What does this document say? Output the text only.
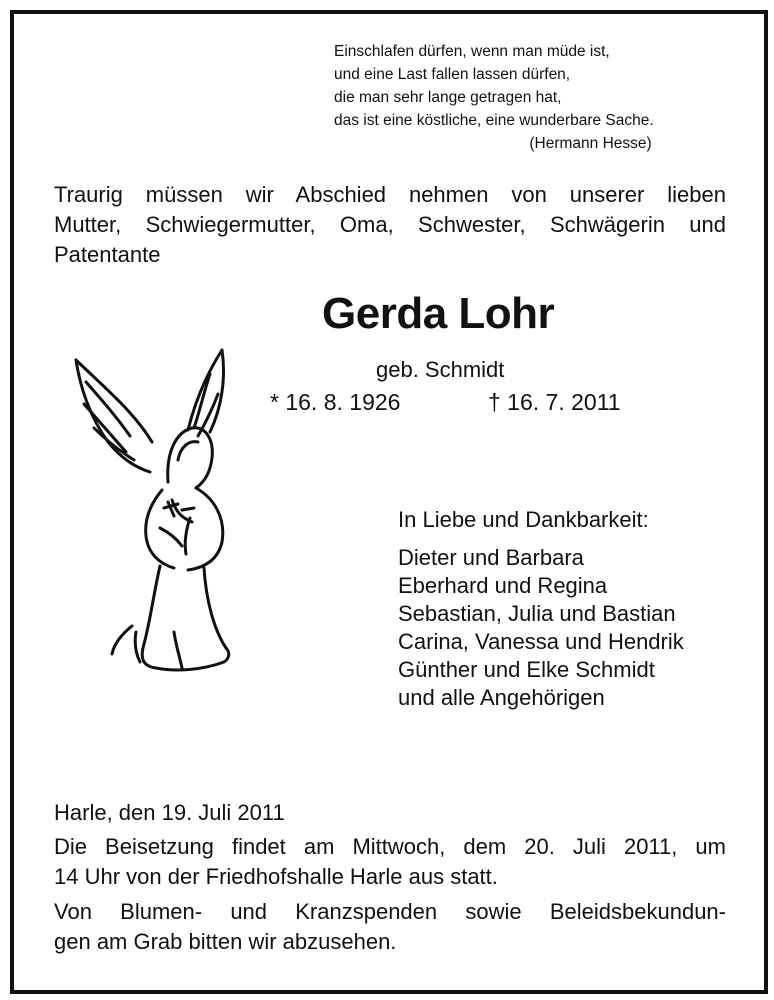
Einschlafen dürfen, wenn man müde ist,
und eine Last fallen lassen dürfen,
die man sehr lange getragen hat,
das ist eine köstliche, eine wunderbare Sache.
(Hermann Hesse)
Traurig müssen wir Abschied nehmen von unserer lieben
Mutter, Schwiegermutter, Oma, Schwester, Schwägerin und
Patentante
Gerda Lohr
geb. Schmidt
* 16. 8. 1926	† 16. 7. 2011
In Liebe und Dankbarkeit:
Dieter und Barbara
Eberhard und Regina
Sebastian, Julia und Bastian
Carina, Vanessa und Hendrik
Günther und Elke Schmidt
und alle Angehörigen
Harle, den 19. Juli 2011
Die Beisetzung findet am Mittwoch, dem 20. Juli 2011, um
14 Uhr von der Friedhofshalle Harle aus statt.
Von Blumen- und Kranzspenden sowie Beleidsbekundun-
gen am Grab bitten wir abzusehen.
